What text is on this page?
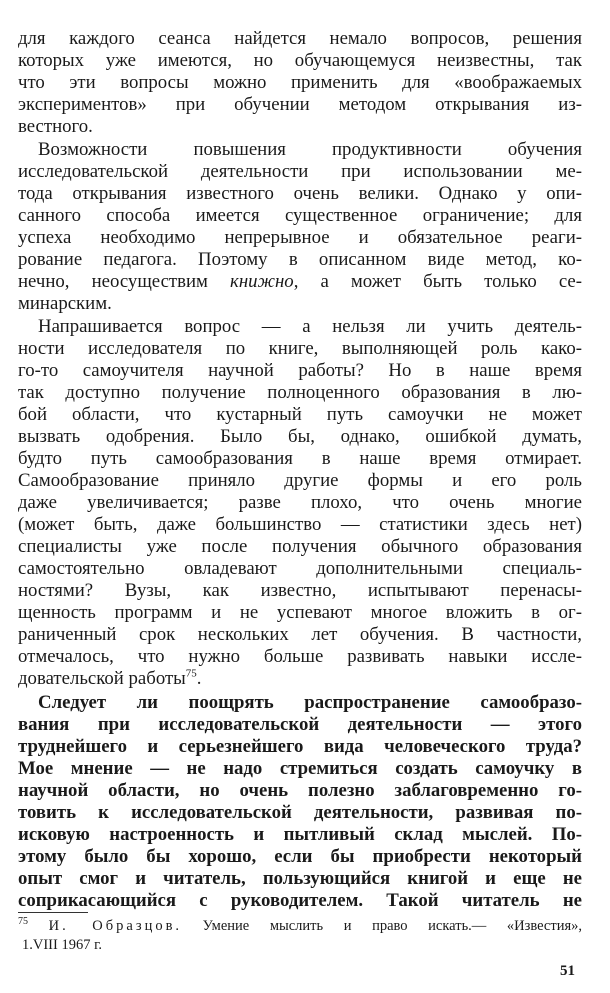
для каждого сеанса найдется немало вопросов, решения
которых уже имеются, но обучающемуся неизвестны, так
что эти вопросы можно применить для «воображаемых
экспериментов» при обучении методом открывания из-
вестного.
Возможности повышения продуктивности обучения
исследовательской деятельности при использовании ме-
тода открывания известного очень велики. Однако у опи-
санного способа имеется существенное ограничение; для
успеха необходимо непрерывное и обязательное реаги-
рование педагога. Поэтому в описанном виде метод, ко-
нечно, неосуществим книжно, а может быть только се-
минарским.
Напрашивается вопрос — а нельзя ли учить деятель-
ности исследователя по книге, выполняющей роль како-
го-то самоучителя научной работы? Но в наше время
так доступно получение полноценного образования в лю-
бой области, что кустарный путь самоучки не может
вызвать одобрения. Было бы, однако, ошибкой думать,
будто путь самообразования в наше время отмирает.
Самообразование приняло другие формы и его роль
даже увеличивается; разве плохо, что очень многие
(может быть, даже большинство — статистики здесь нет)
специалисты уже после получения обычного образования
самостоятельно овладевают дополнительными специаль-
ностями? Вузы, как известно, испытывают перенасы-
щенность программ и не успевают многое вложить в ог-
раниченный срок нескольких лет обучения. В частности,
отмечалось, что нужно больше развивать навыки иссле-
довательской работы$^{75}$.
Следует ли поощрять распространение самообразо-
вания при исследовательской деятельности — этого
труднейшего и серьезнейшего вида человеческого труда?
Мое мнение — не надо стремиться создать самоучку в
научной области, но очень полезно заблаговременно го-
товить к исследовательской деятельности, развивая по-
исковую настроенность и пытливый склад мыслей. По-
этому было бы хорошо, если бы приобрести некоторый
опыт смог и читатель, пользующийся книгой и еще не
соприкасающийся с руководителем. Такой читатель не
$^{75}$ И. Образцов. Умение мыслить и право искать.— «Известия»,
1.VIII 1967 г.
51
